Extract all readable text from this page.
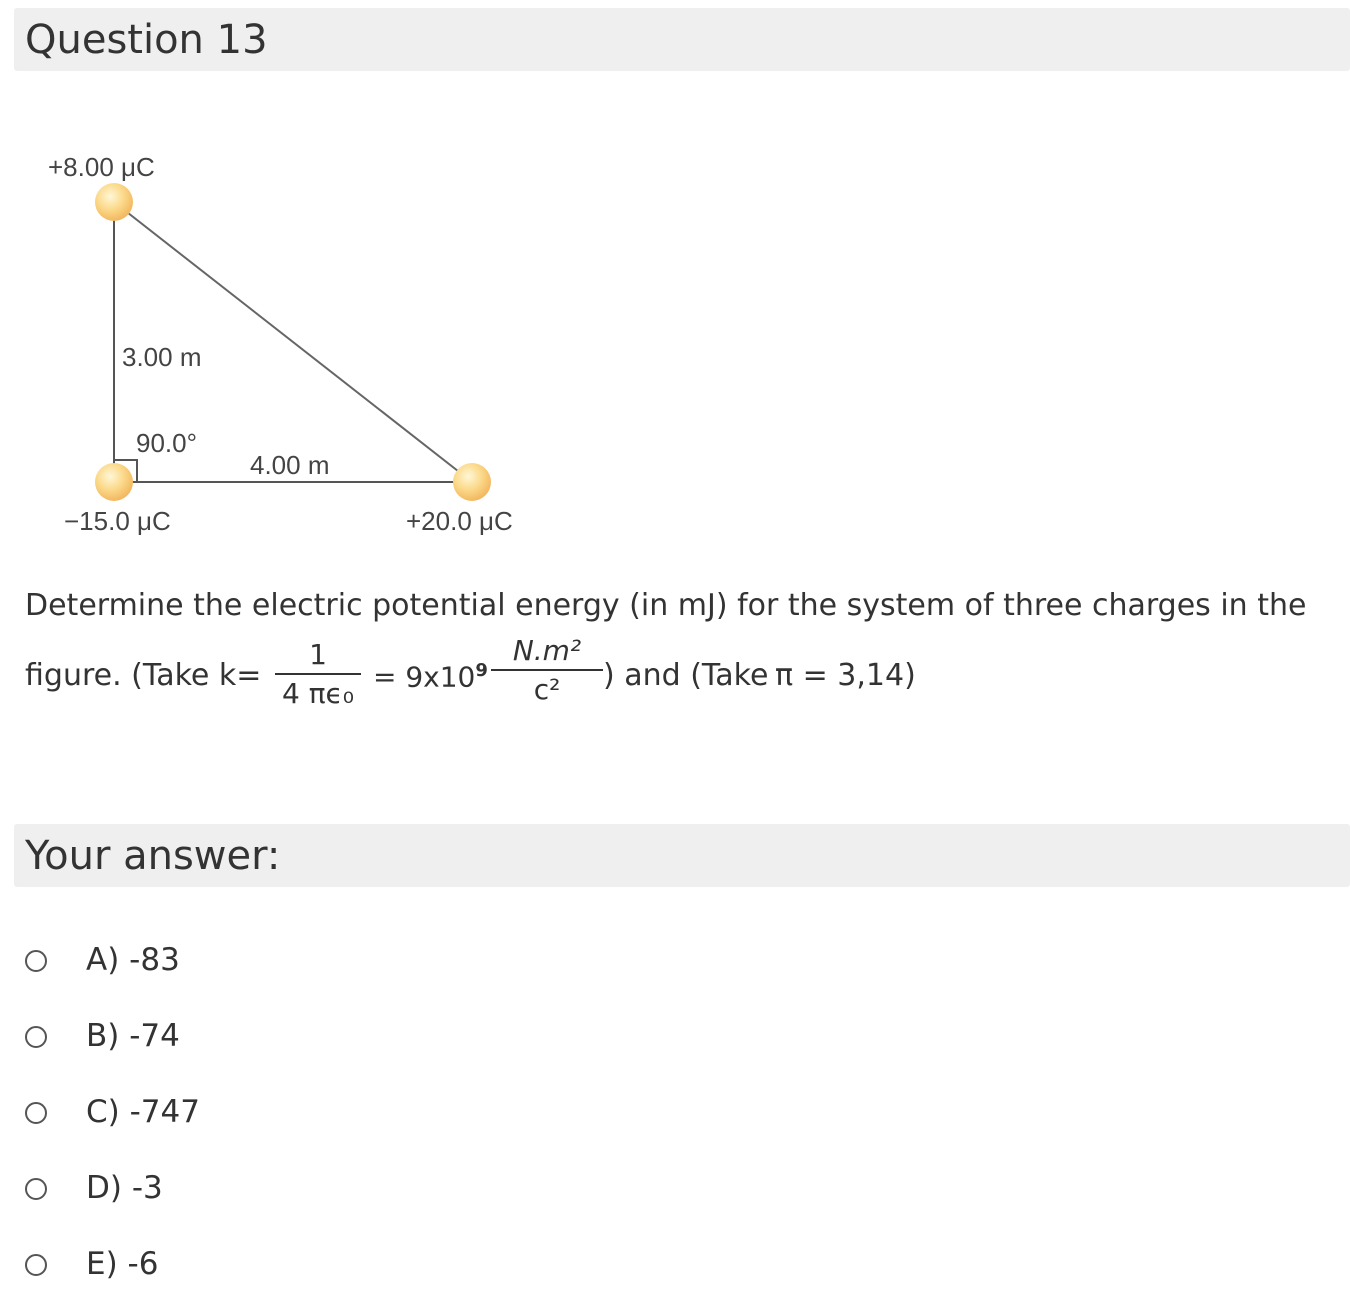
Question 13
+8.00 μC
3.00 m
90.0°
4.00 m
−15.0 μC	+20.0 μC
Determine the electric potential energy (in mJ) for the system of three charges in the
figure. (Take k=
1
4 πϵ₀
= $9x10^9$
N.m²
c²	) and (Take π = 3,14)
Your answer:
A) -83
B) -74
C) -747
D) -3
E) -6
